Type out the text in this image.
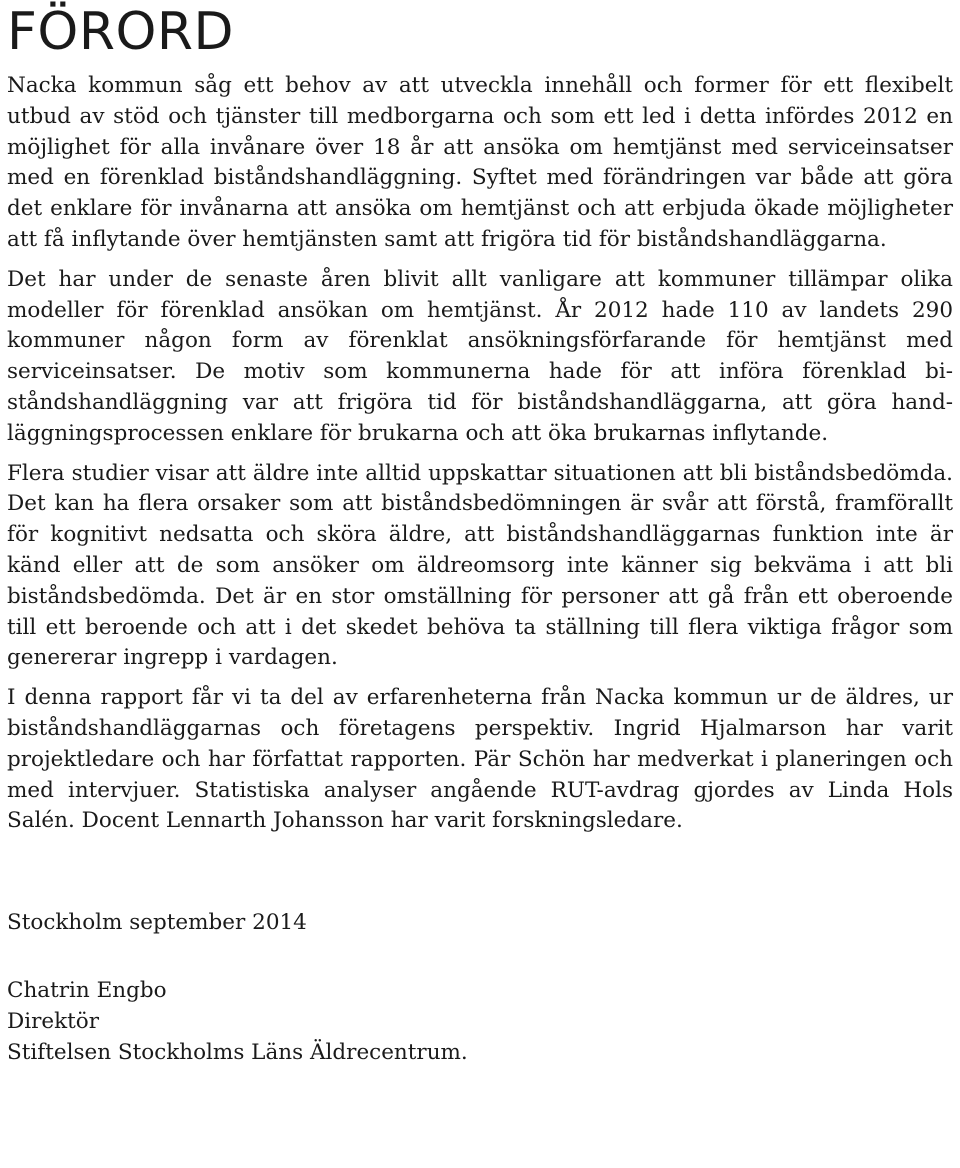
FÖRORD

Nacka kommun såg ett behov av att utveckla innehåll och former för ett flexibelt utbud av stöd och tjänster till medborgarna och som ett led i detta infördes 2012 en möjlighet för alla invånare över 18 år att ansöka om hemtjänst med serviceinsatser med en förenklad biståndshandläggning. Syftet med förändringen var både att göra det enklare för invånarna att ansöka om hemtjänst och att erbjuda ökade möjligheter att få inflytande över hemtjänsten samt att frigöra tid för biståndshandläggarna.

Det har under de senaste åren blivit allt vanligare att kommuner tillämpar olika modeller för förenklad ansökan om hemtjänst. År 2012 hade 110 av landets 290 kommuner någon form av förenklat ansökningsförfarande för hemtjänst med serviceinsatser. De motiv som kommunerna hade för att införa förenklad biståndshandläggning var att frigöra tid för biståndshandläggarna, att göra handläggningsprocessen enklare för brukarna och att öka brukarnas inflytande.

Flera studier visar att äldre inte alltid uppskattar situationen att bli biståndsbedömda. Det kan ha flera orsaker som att biståndsbedömningen är svår att förstå, framförallt för kognitivt nedsatta och sköra äldre, att biståndshandläggarnas funktion inte är känd eller att de som ansöker om äldreomsorg inte känner sig bekväma i att bli biståndsbedömda. Det är en stor omställning för personer att gå från ett oberoende till ett beroende och att i det skedet behöva ta ställning till flera viktiga frågor som genererar ingrepp i vardagen.

I denna rapport får vi ta del av erfarenheterna från Nacka kommun ur de äldres, ur biståndshandläggarnas och företagens perspektiv. Ingrid Hjalmarson har varit projektledare och har författat rapporten. Pär Schön har medverkat i planeringen och med intervjuer. Statistiska analyser angående RUT-avdrag gjordes av Linda Hols Salén. Docent Lennarth Johansson har varit forskningsledare.

Stockholm september 2014
Chatrin Engbo
Direktör
Stiftelsen Stockholms Läns Äldrecentrum.
